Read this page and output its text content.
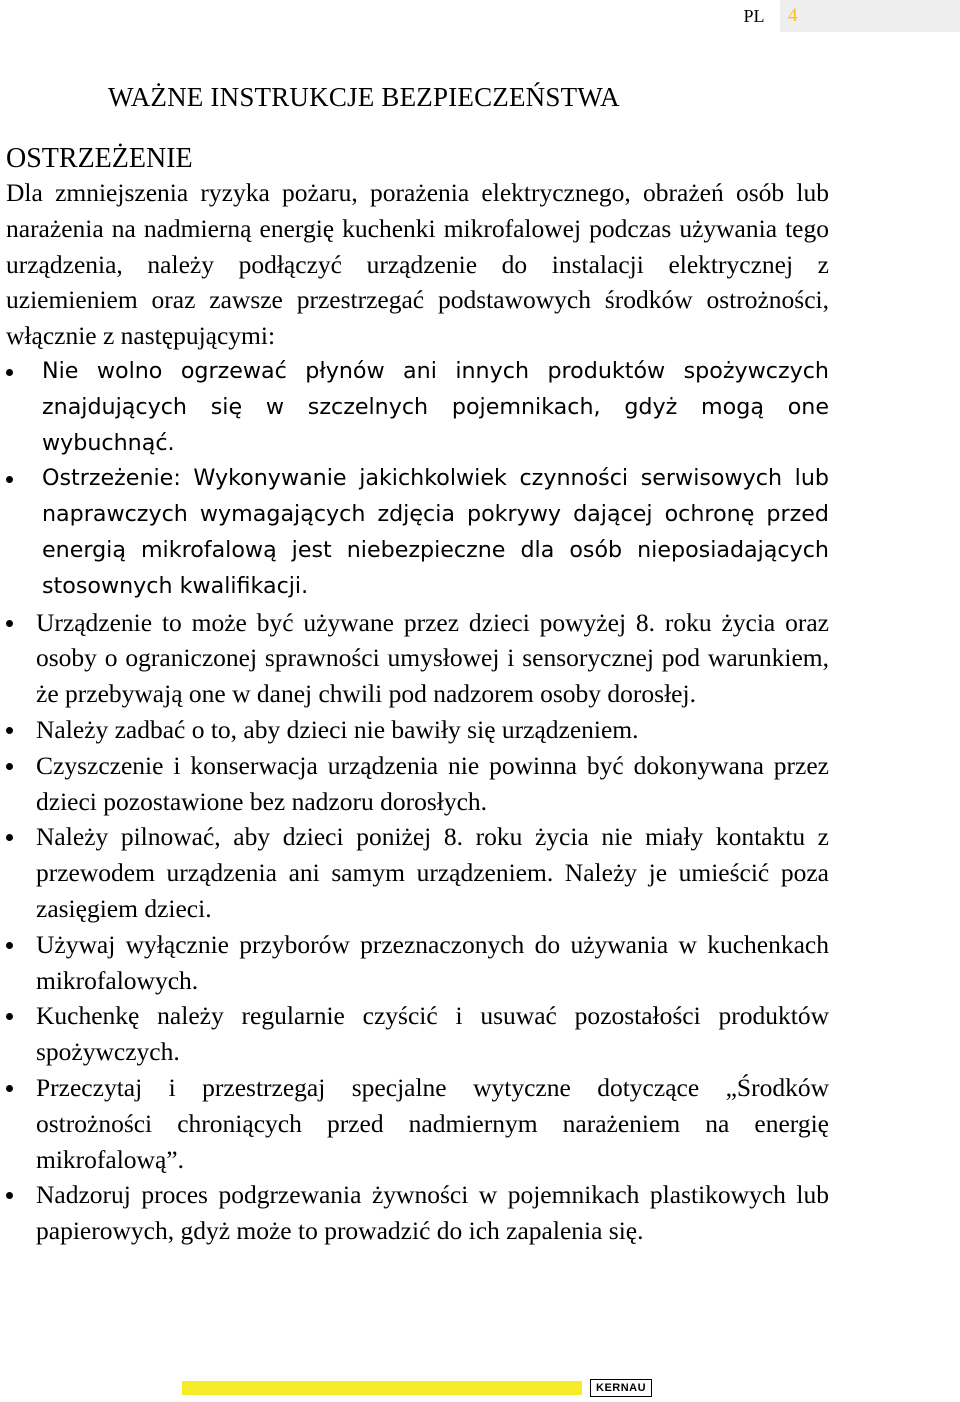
PL	4
WAŻNE INSTRUKCJE BEZPIECZEŃSTWA
OSTRZEŻENIE

Dla zmniejszenia ryzyka pożaru, porażenia elektrycznego, obrażeń osób lub narażenia na nadmierną energię kuchenki mikrofalowej podczas używania tego urządzenia, należy podłączyć urządzenie do instalacji elektrycznej z uziemieniem oraz zawsze przestrzegać podstawowych środków ostrożności, włącznie z następującymi:

Nie wolno ogrzewać płynów ani innych produktów spożywczych znajdujących się w szczelnych pojemnikach, gdyż mogą one wybuchnąć.
Ostrzeżenie: Wykonywanie jakichkolwiek czynności serwisowych lub naprawczych wymagających zdjęcia pokrywy dającej ochronę przed energią mikrofalową jest niebezpieczne dla osób nieposiadających stosownych kwalifikacji.
Urządzenie to może być używane przez dzieci powyżej 8. roku życia oraz osoby o ograniczonej sprawności umysłowej i sensorycznej pod warunkiem, że przebywają one w danej chwili pod nadzorem osoby dorosłej.
Należy zadbać o to, aby dzieci nie bawiły się urządzeniem.
Czyszczenie i konserwacja urządzenia nie powinna być dokonywana przez dzieci pozostawione bez nadzoru dorosłych.
Należy pilnować, aby dzieci poniżej 8. roku życia nie miały kontaktu z przewodem urządzenia ani samym urządzeniem. Należy je umieścić poza zasięgiem dzieci.
Używaj wyłącznie przyborów przeznaczonych do używania w kuchenkach mikrofalowych.
Kuchenkę należy regularnie czyścić i usuwać pozostałości produktów spożywczych.
Przeczytaj i przestrzegaj specjalne wytyczne dotyczące „Środków ostrożności chroniących przed nadmiernym narażeniem na energię mikrofalową”.
Nadzoruj proces podgrzewania żywności w pojemnikach plastikowych lub papierowych, gdyż może to prowadzić do ich zapalenia się.
KERNAU
